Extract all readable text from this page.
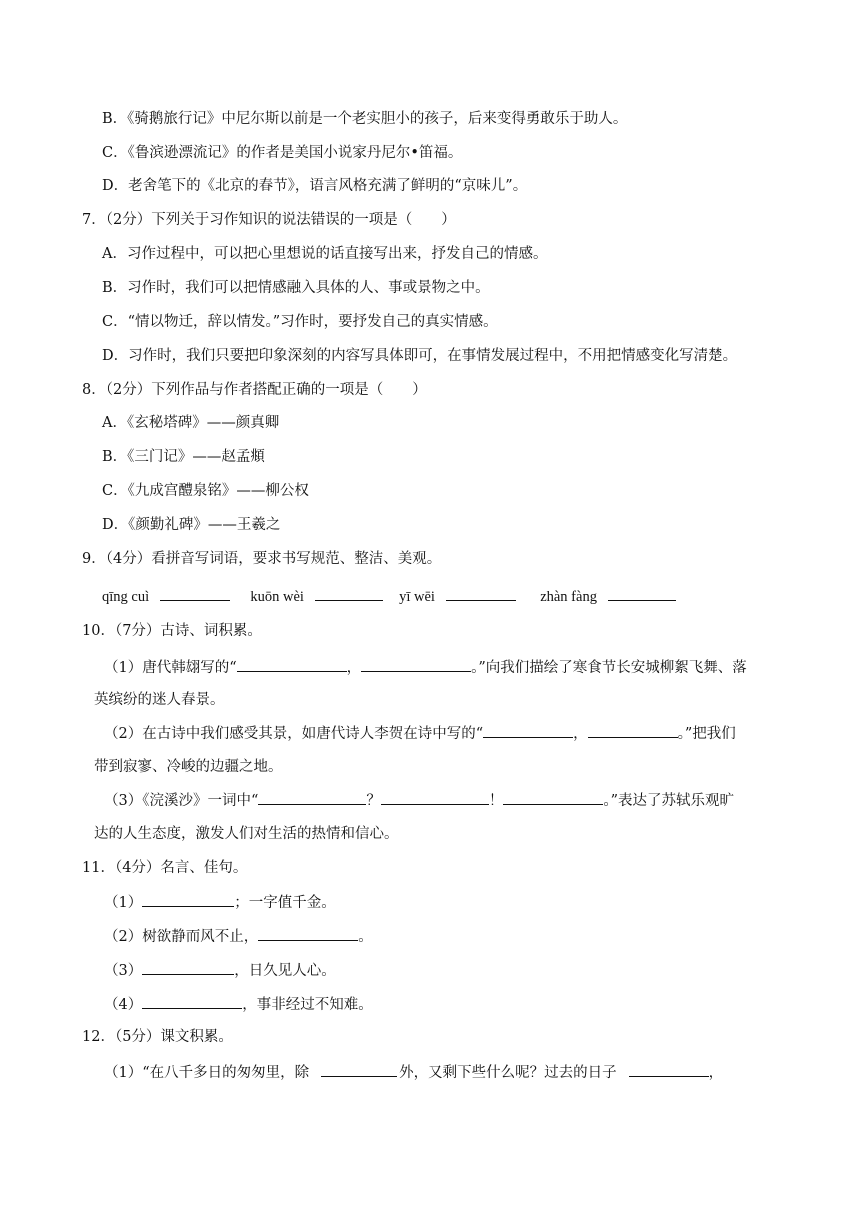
B．《骑鹅旅行记》中尼尔斯以前是一个老实胆小的孩子，后来变得勇敢乐于助人。
C．《鲁滨逊漂流记》的作者是美国小说家丹尼尔•笛福。
D．老舍笔下的《北京的春节》，语言风格充满了鲜明的“京味儿”。
7．（2分）下列关于习作知识的说法错误的一项是（　　）
A．习作过程中，可以把心里想说的话直接写出来，抒发自己的情感。
B．习作时，我们可以把情感融入具体的人、事或景物之中。
C．“情以物迁，辞以情发。”习作时，要抒发自己的真实情感。
D．习作时，我们只要把印象深刻的内容写具体即可，在事情发展过程中，不用把情感变化写清楚。
8．（2分）下列作品与作者搭配正确的一项是（　　）
A．《玄秘塔碑》——颜真卿
B．《三门记》——赵孟頫
C．《九成宫醴泉铭》——柳公权
D．《颜勤礼碑》——王羲之
9．（4分）看拼音写词语，要求书写规范、整洁、美观。
qīng cuì	kuōn wèi	yī wēi	zhàn fàng
10．（7分）古诗、词积累。
（1）唐代韩翃写的“	，	。”向我们描绘了寒食节长安城柳絮飞舞、落
英缤纷的迷人春景。
（2）在古诗中我们感受其景，如唐代诗人李贺在诗中写的“	，	。”把我们
带到寂寥、冷峻的边疆之地。
（3）《浣溪沙》一词中“	？	！	。”表达了苏轼乐观旷
达的人生态度，激发人们对生活的热情和信心。
11．（4分）名言、佳句。
（1）	；一字值千金。
（2）树欲静而风不止，	。
（3）	，日久见人心。
（4）	，事非经过不知难。
12．（5分）课文积累。
（1）“在八千多日的匆匆里，除	外，又剩下些什么呢？过去的日子	，
